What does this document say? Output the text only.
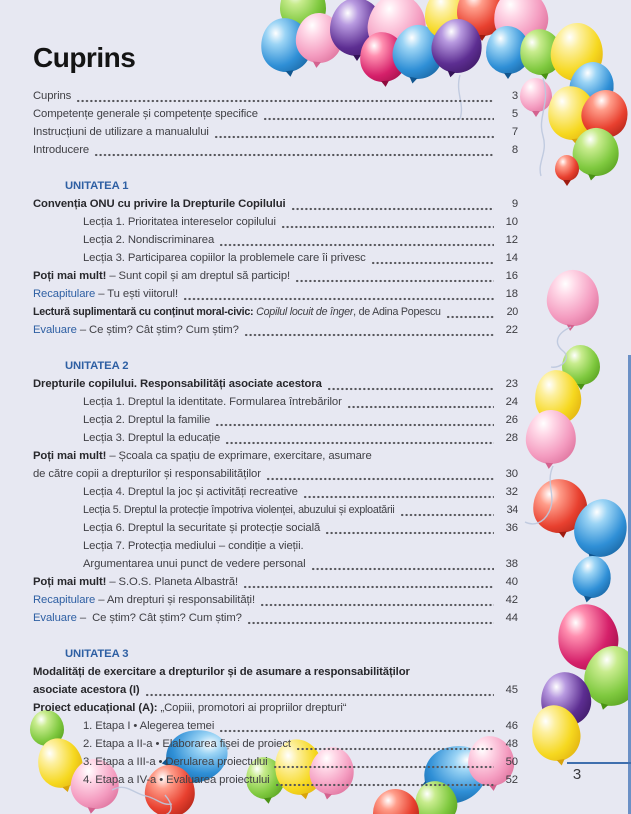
Cuprins
Cuprins	3
Competențe generale și competențe specifice	5
Instrucțiuni de utilizare a manualului	7
Introducere	8
UNITATEA 1
Convenția ONU cu privire la Drepturile Copilului	9
Lecția 1. Prioritatea intereselor copilului	10
Lecția 2. Nondiscriminarea	12
Lecția 3. Participarea copiilor la problemele care îi privesc	14
Poți mai mult! – Sunt copil și am dreptul să particip!	16
Recapitulare – Tu ești viitorul!	18
Lectură suplimentară cu conținut moral-civic: Copilul locuit de înger , de Adina Popescu	20
Evaluare – Ce știm? Cât știm? Cum știm?	22
UNITATEA 2
Drepturile copilului. Responsabilități asociate acestora	23
Lecția 1. Dreptul la identitate. Formularea întrebărilor	24
Lecția 2. Dreptul la familie	26
Lecția 3. Dreptul la educație	28
Poți mai mult! – Școala ca spațiu de exprimare, exercitare, asumare
de către copii a drepturilor și responsabilităților	30
Lecția 4. Dreptul la joc și activități recreative	32
Lecția 5. Dreptul la protecție împotriva violenței, abuzului și exploatării	34
Lecția 6. Dreptul la securitate și protecție socială	36
Lecția 7. Protecția mediului – condiție a vieții.
Argumentarea unui punct de vedere personal	38
Poți mai mult! – S.O.S. Planeta Albastră!	40
Recapitulare – Am drepturi și responsabilități!	42
Evaluare –  Ce știm? Cât știm? Cum știm?	44
UNITATEA 3
Modalități de exercitare a drepturilor și de asumare a responsabilităților
asociate acestora (I)	45
Proiect educațional (A): „Copiii, promotori ai propriilor drepturi“
1. Etapa I • Alegerea temei	46
2. Etapa a II-a • Elaborarea fișei de proiect	48
3. Etapa a III-a • Derularea proiectului	50
4. Etapa a IV-a • Evaluarea proiectului	52	3
